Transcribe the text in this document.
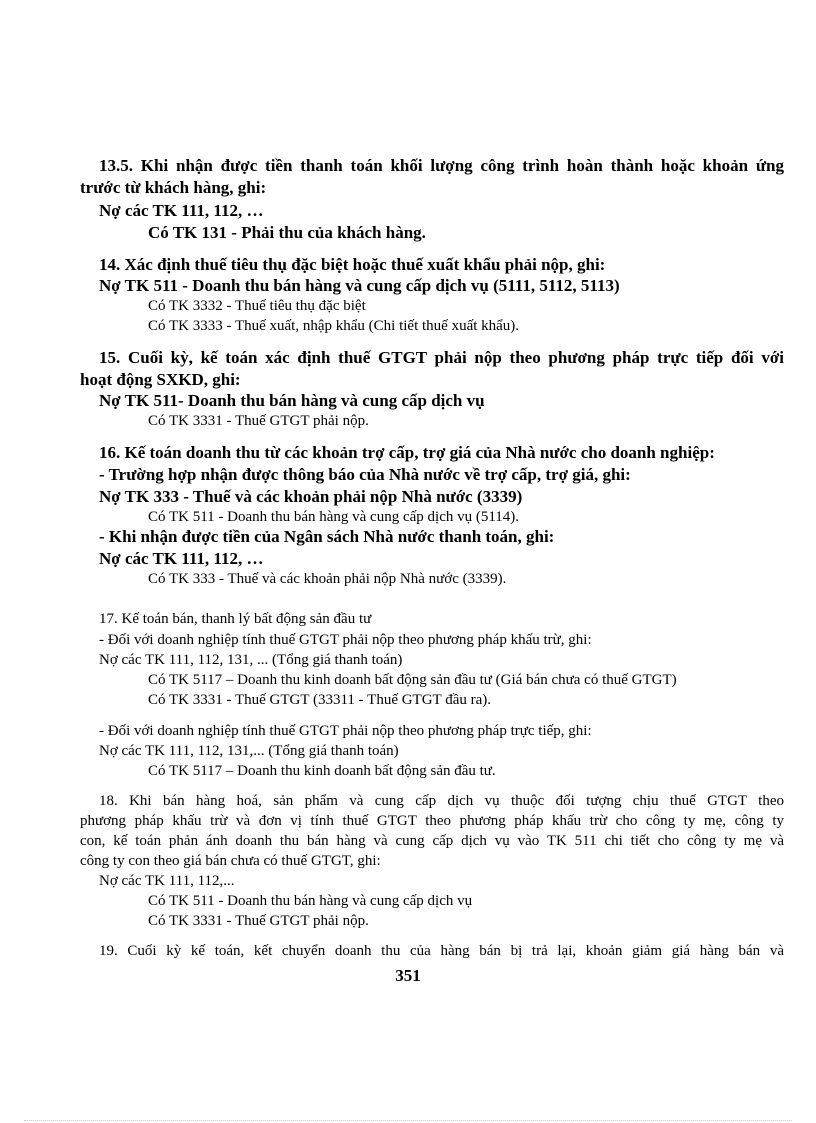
13.5. Khi nhận được tiền thanh toán khối lượng công trình hoàn thành hoặc khoản ứng
trước từ khách hàng, ghi:
Nợ các TK 111, 112, …
Có TK 131 - Phải thu của khách hàng.
14. Xác định thuế tiêu thụ đặc biệt hoặc thuế xuất khẩu phải nộp, ghi:
Nợ TK 511 - Doanh thu bán hàng và cung cấp dịch vụ (5111, 5112, 5113)
Có TK 3332 - Thuế tiêu thụ đặc biệt
Có TK 3333 - Thuế xuất, nhập khẩu (Chi tiết thuế xuất khẩu).
15. Cuối kỳ, kế toán xác định thuế GTGT phải nộp theo phương pháp trực tiếp đối với
hoạt động SXKD, ghi:
Nợ TK 511- Doanh thu bán hàng và cung cấp dịch vụ
Có TK 3331 - Thuế GTGT phải nộp.
16. Kế toán doanh thu từ các khoản trợ cấp, trợ giá của Nhà nước cho doanh nghiệp:
- Trường hợp nhận được thông báo của Nhà nước về trợ cấp, trợ giá, ghi:
Nợ TK 333 - Thuế và các khoản phải nộp Nhà nước (3339)
Có TK 511 - Doanh thu bán hàng và cung cấp dịch vụ (5114).
- Khi nhận được tiền của Ngân sách Nhà nước thanh toán, ghi:
Nợ các TK 111, 112, …
Có TK 333 - Thuế và các khoản phải nộp Nhà nước (3339).
17. Kế toán bán, thanh lý bất động sản đầu tư
- Đối với doanh nghiệp tính thuế GTGT phải nộp theo phương pháp khấu trừ, ghi:
Nợ các TK 111, 112, 131, ... (Tổng giá thanh toán)
Có TK 5117 – Doanh thu kinh doanh bất động sản đầu tư (Giá bán chưa có thuế GTGT)
Có TK 3331 - Thuế GTGT (33311 - Thuế GTGT đầu ra).
- Đối với doanh nghiệp tính thuế GTGT phải nộp theo phương pháp trực tiếp, ghi:
Nợ các TK 111, 112, 131,... (Tổng giá thanh toán)
Có TK 5117 – Doanh thu kinh doanh bất động sản đầu tư.
18. Khi bán hàng hoá, sản phẩm và cung cấp dịch vụ thuộc đối tượng chịu thuế GTGT theo
phương pháp khấu trừ và đơn vị tính thuế GTGT theo phương pháp khấu trừ cho công ty mẹ, công ty
con, kế toán phản ánh doanh thu bán hàng và cung cấp dịch vụ vào TK 511 chi tiết cho công ty mẹ và
công ty con theo giá bán chưa có thuế GTGT, ghi:
Nợ các TK 111, 112,...
Có TK 511 - Doanh thu bán hàng và cung cấp dịch vụ
Có TK 3331 - Thuế GTGT phải nộp.
19. Cuối kỳ kế toán, kết chuyển doanh thu của hàng bán bị trả lại, khoản giảm giá hàng bán và
351
